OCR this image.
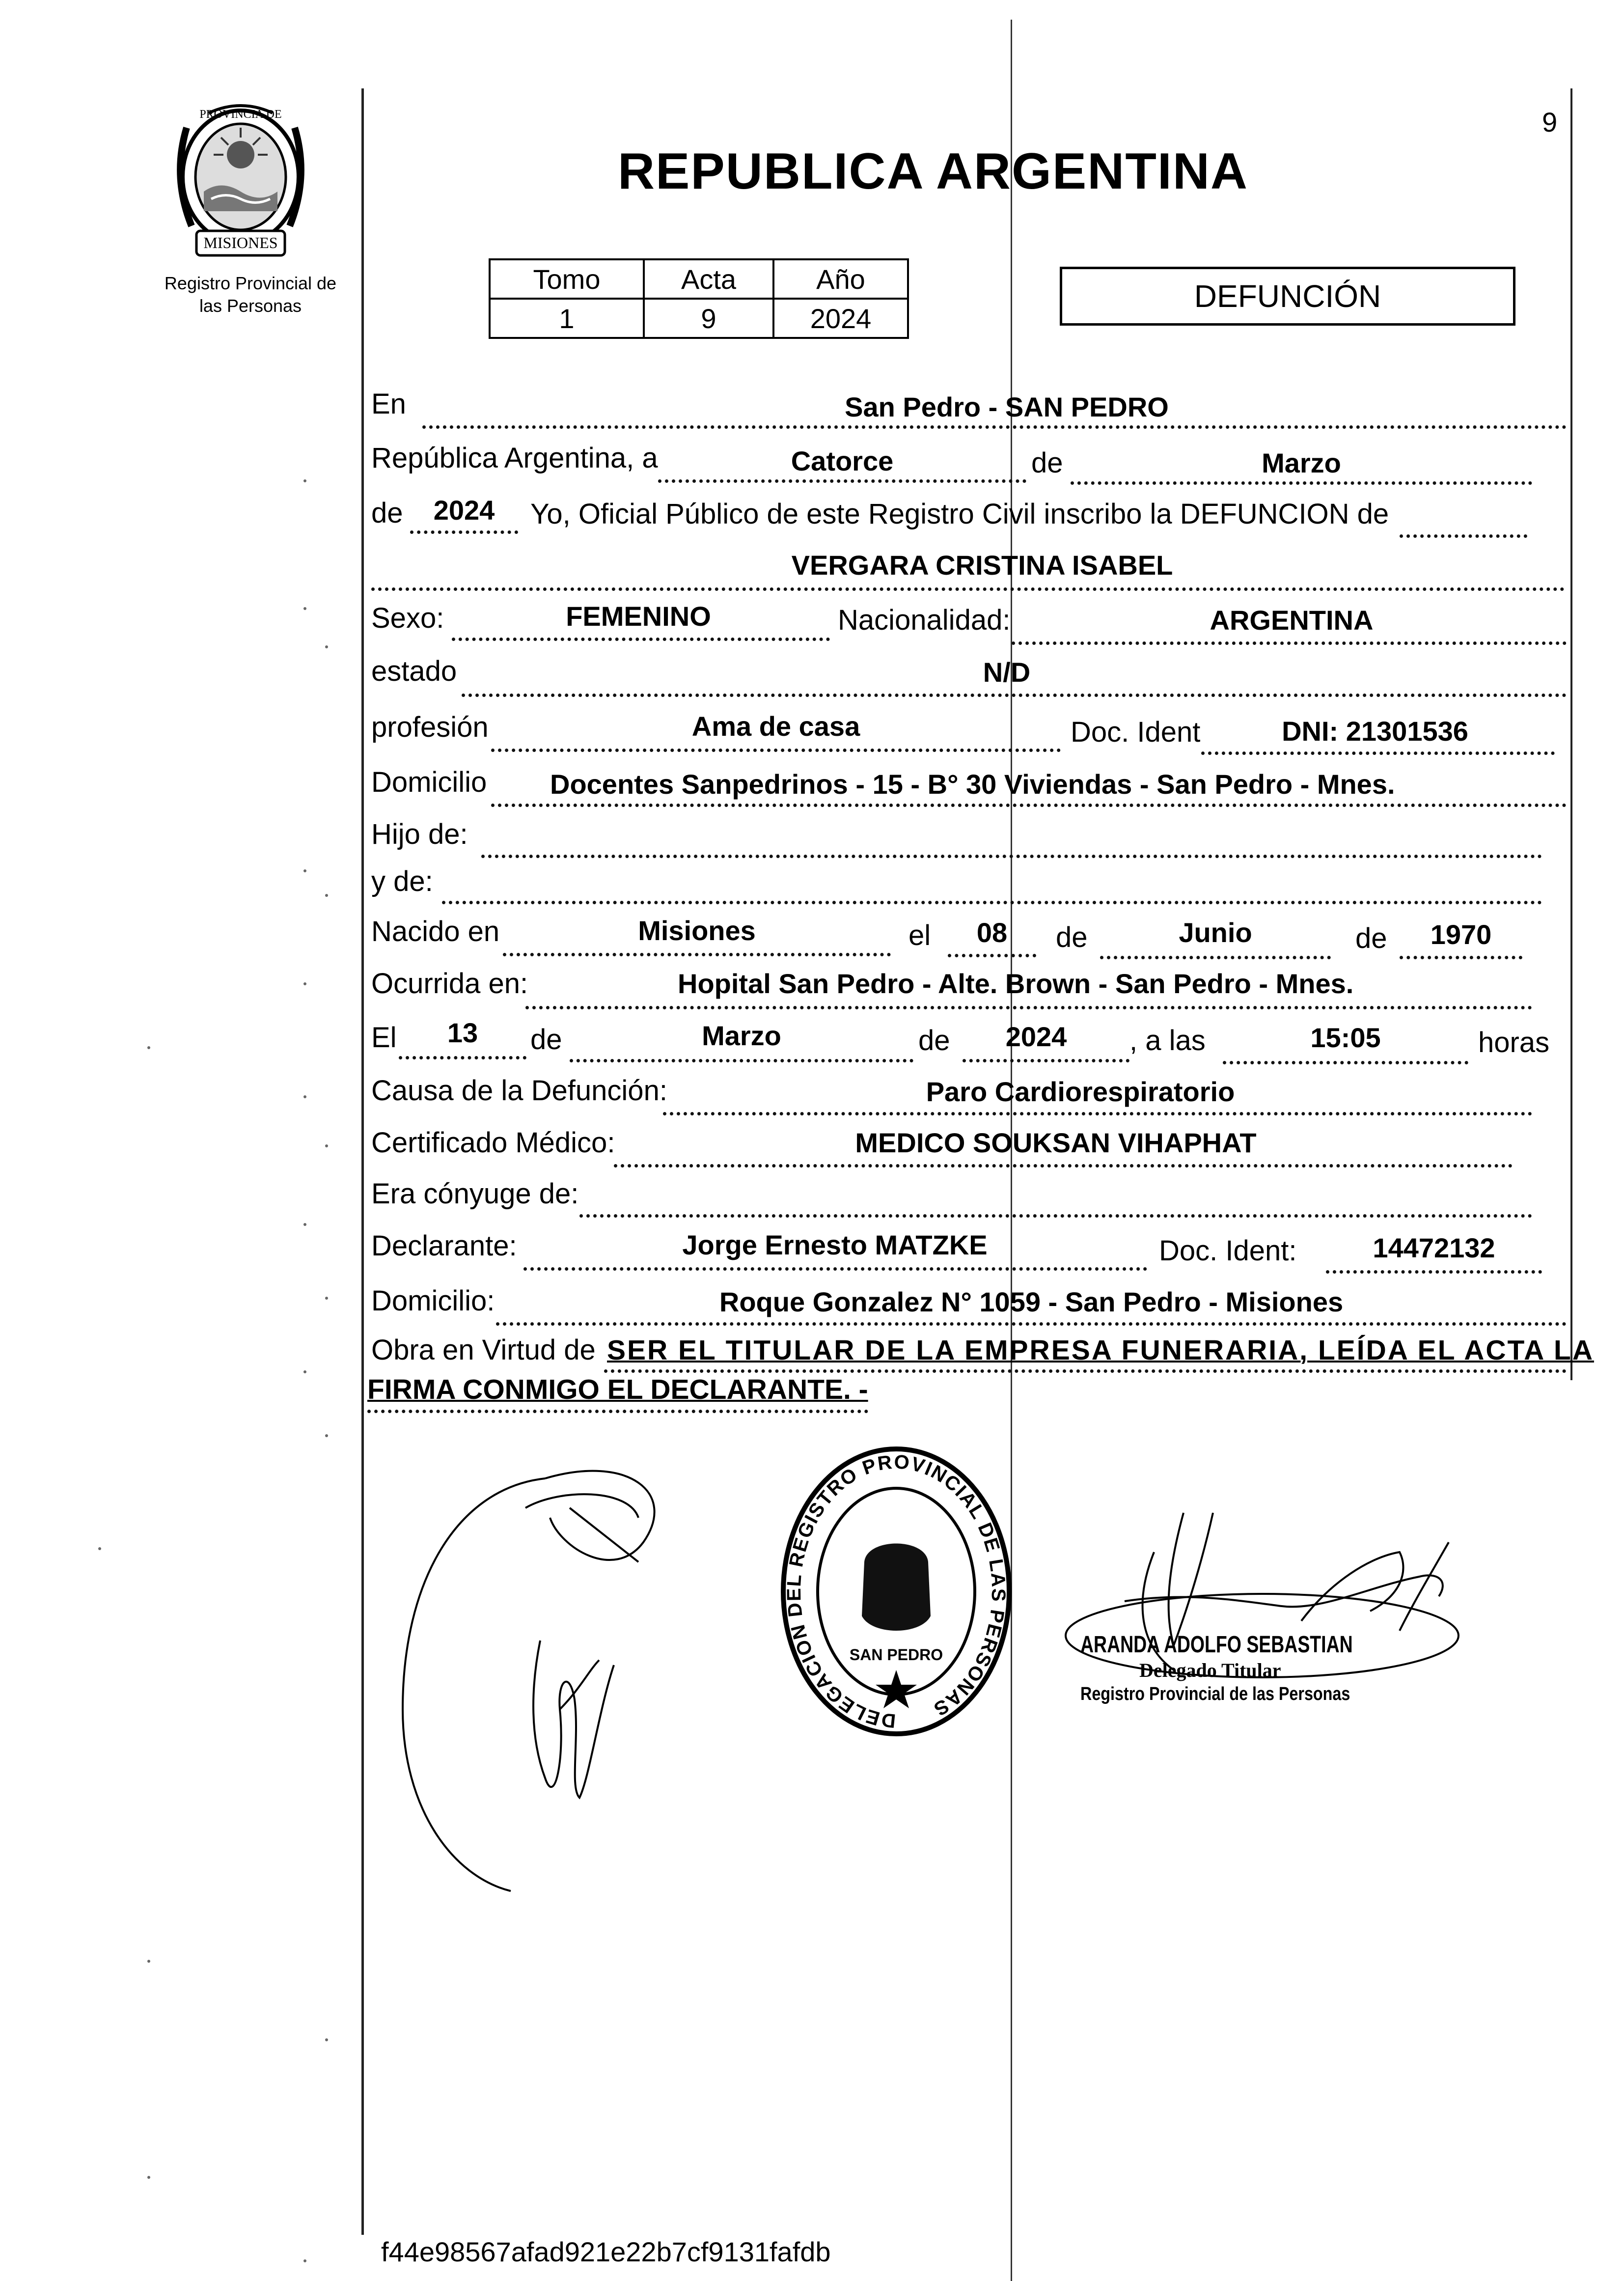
9
PROVINCIA DE
MISIONES
Registro Provincial de
las Personas
REPUBLICA ARGENTINA
Tomo	Acta	Año
1	9	2024
DEFUNCIÓN
En	San Pedro - SAN PEDRO
República Argentina, a	Catorce	de	Marzo
de	2024	Yo, Oficial Público de este Registro Civil inscribo la DEFUNCION de
VERGARA CRISTINA ISABEL
Sexo:	FEMENINO	Nacionalidad:	ARGENTINA
estado	N/D
profesión	Ama de casa	Doc. Ident	DNI: 21301536
Domicilio Docentes Sanpedrinos - 15 - B° 30 Viviendas - San Pedro - Mnes.
Hijo de:
y de:
Nacido en	Misiones	el	08	de	Junio	de	1970
Ocurrida en:	Hopital San Pedro - Alte. Brown - San Pedro - Mnes.
El	13	de	Marzo	de	2024	, a las	15:05	horas
Causa de la Defunción:	Paro Cardiorespiratorio
Certificado Médico:	MEDICO SOUKSAN VIHAPHAT
Era cónyuge de:
Declarante:	Jorge Ernesto MATZKE	Doc. Ident:	14472132
Domicilio:	Roque Gonzalez N° 1059 - San Pedro - Misiones
Obra en Virtud de SER EL TITULAR DE LA EMPRESA FUNERARIA, LEÍDA EL ACTA LA
FIRMA CONMIGO EL DECLARANTE. -
DELEGACION DEL REGISTRO PROVINCIAL DE LAS PERSONAS
SAN PEDRO	ARANDA ADOLFO SEBASTIAN
Delegado Titular
Registro Provincial de las Personas
f44e98567afad921e22b7cf9131fafdb
